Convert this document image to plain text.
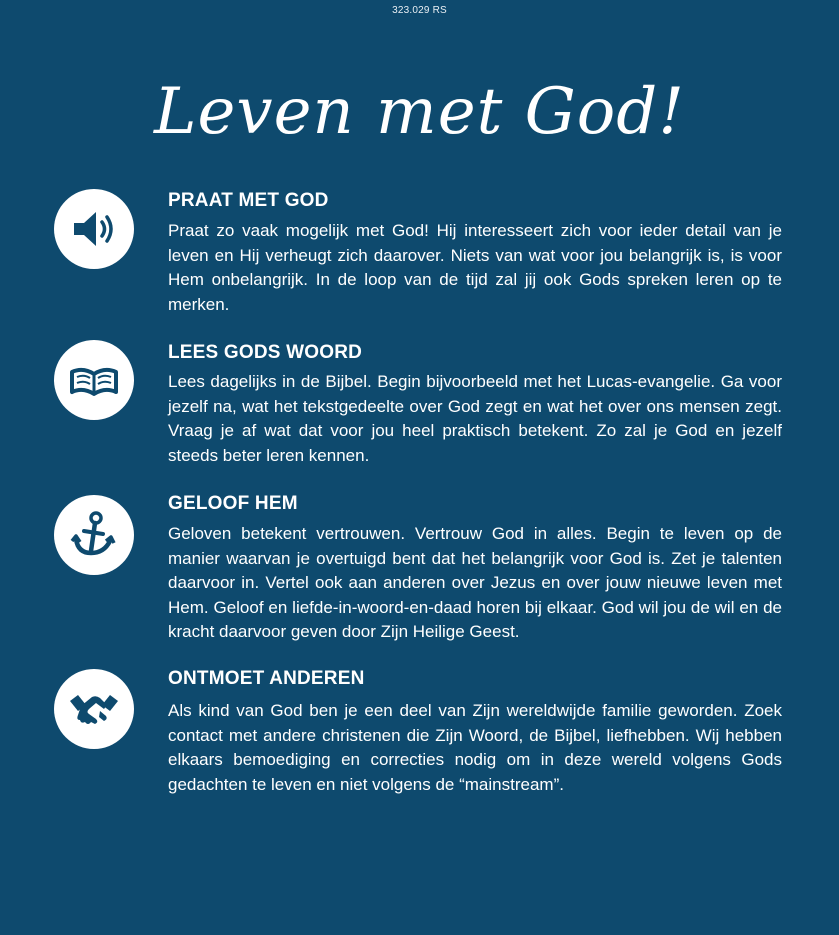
323.029 RS
Leven met God!
PRAAT MET GOD

Praat zo vaak mogelijk met God! Hij interesseert zich voor ieder detail van je leven en Hij verheugt zich daarover. Niets van wat voor jou belangrijk is, is voor Hem onbelangrijk. In de loop van de tijd zal jij ook Gods spreken leren op te merken.

LEES GODS WOORD

Lees dagelijks in de Bijbel. Begin bijvoorbeeld met het Lucas-evangelie. Ga voor jezelf na, wat het tekstgedeelte over God zegt en wat het over ons mensen zegt. Vraag je af wat dat voor jou heel praktisch betekent. Zo zal je God en jezelf steeds beter leren kennen.

GELOOF HEM

Geloven betekent vertrouwen. Vertrouw God in alles. Begin te leven op de manier waarvan je overtuigd bent dat het belangrijk voor God is. Zet je talenten daarvoor in. Vertel ook aan anderen over Jezus en over jouw nieuwe leven met Hem. Geloof en liefde-in-woord-en-daad horen bij elkaar. God wil jou de wil en de kracht daarvoor geven door Zijn Heilige Geest.

ONTMOET ANDEREN

Als kind van God ben je een deel van Zijn wereldwijde familie geworden. Zoek contact met andere christenen die Zijn Woord, de Bijbel, liefhebben. Wij hebben elkaars bemoediging en correcties nodig om in deze wereld volgens Gods gedachten te leven en niet volgens de “mainstream”.
